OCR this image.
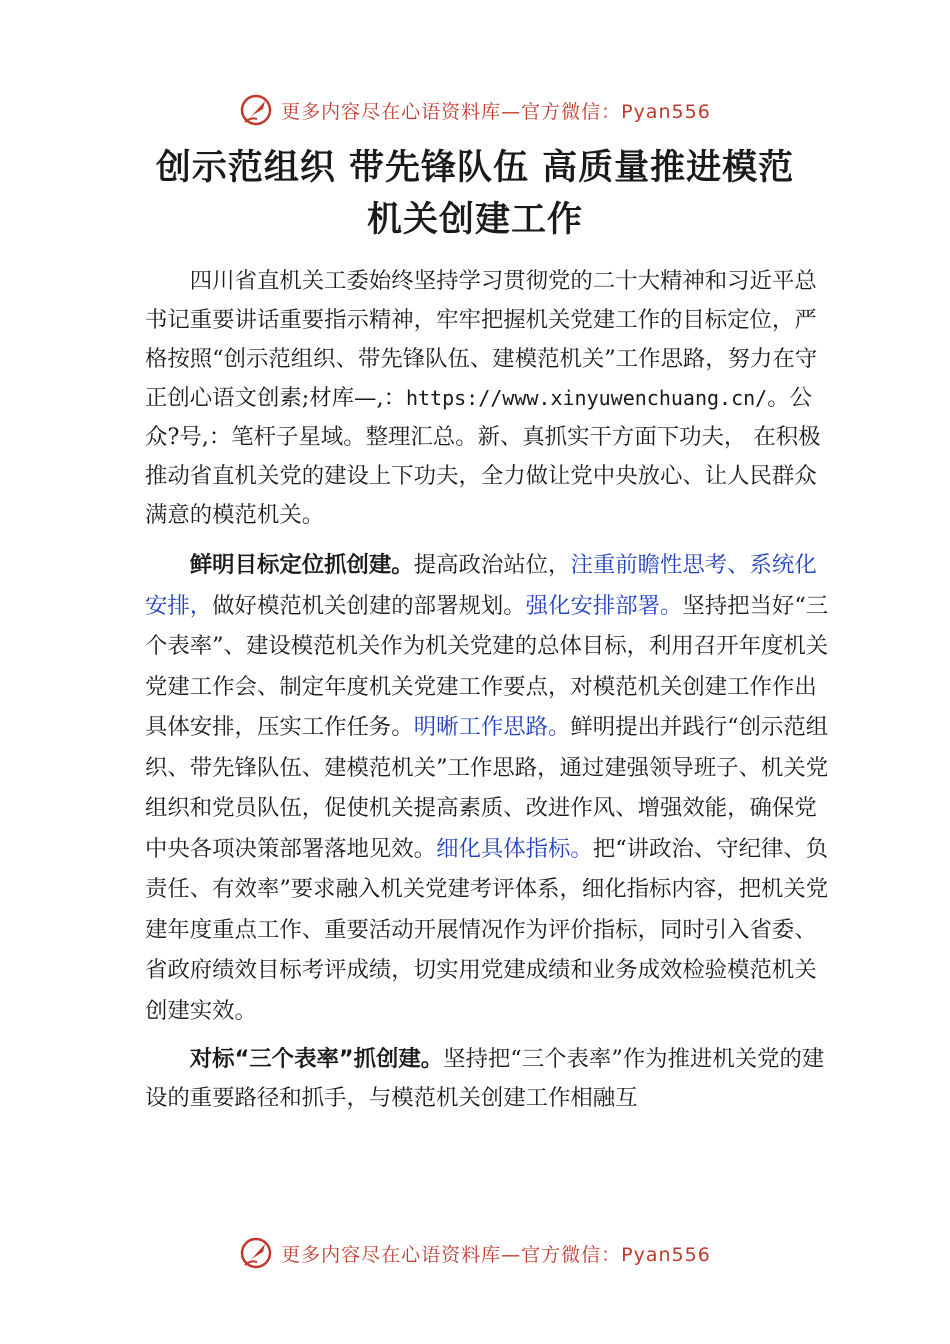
更多内容尽在心语资料库—官方微信：Pyan556
创示范组织 带先锋队伍 高质量推进模范
机关创建工作

四川省直机关工委始终坚持学习贯彻党的二十大精神和习近平总书记重要讲话重要指示精神，牢牢把握机关党建工作的目标定位，严格按照“创示范组织、带先锋队伍、建模范机关”工作思路，努力在守正创心语文创素;材库—,：https://www.xinyuwenchuang.cn/。公众?号,：笔杆子星域。整理汇总。新、真抓实干方面下功夫， 在积极推动省直机关党的建设上下功夫，全力做让党中央放心、让人民群众满意的模范机关。

鲜明目标定位抓创建。提高政治站位，注重前瞻性思考、系统化安排，做好模范机关创建的部署规划。强化安排部署。坚持把当好“三个表率”、建设模范机关作为机关党建的总体目标，利用召开年度机关党建工作会、制定年度机关党建工作要点，对模范机关创建工作作出具体安排，压实工作任务。明晰工作思路。鲜明提出并践行“创示范组织、带先锋队伍、建模范机关”工作思路，通过建强领导班子、机关党组织和党员队伍，促使机关提高素质、改进作风、增强效能，确保党中央各项决策部署落地见效。细化具体指标。把“讲政治、守纪律、负责任、有效率”要求融入机关党建考评体系，细化指标内容，把机关党建年度重点工作、重要活动开展情况作为评价指标，同时引入省委、省政府绩效目标考评成绩，切实用党建成绩和业务成效检验模范机关创建实效。

对标“三个表率”抓创建。坚持把“三个表率”作为推进机关党的建设的重要路径和抓手，与模范机关创建工作相融互

更多内容尽在心语资料库—官方微信：Pyan556
